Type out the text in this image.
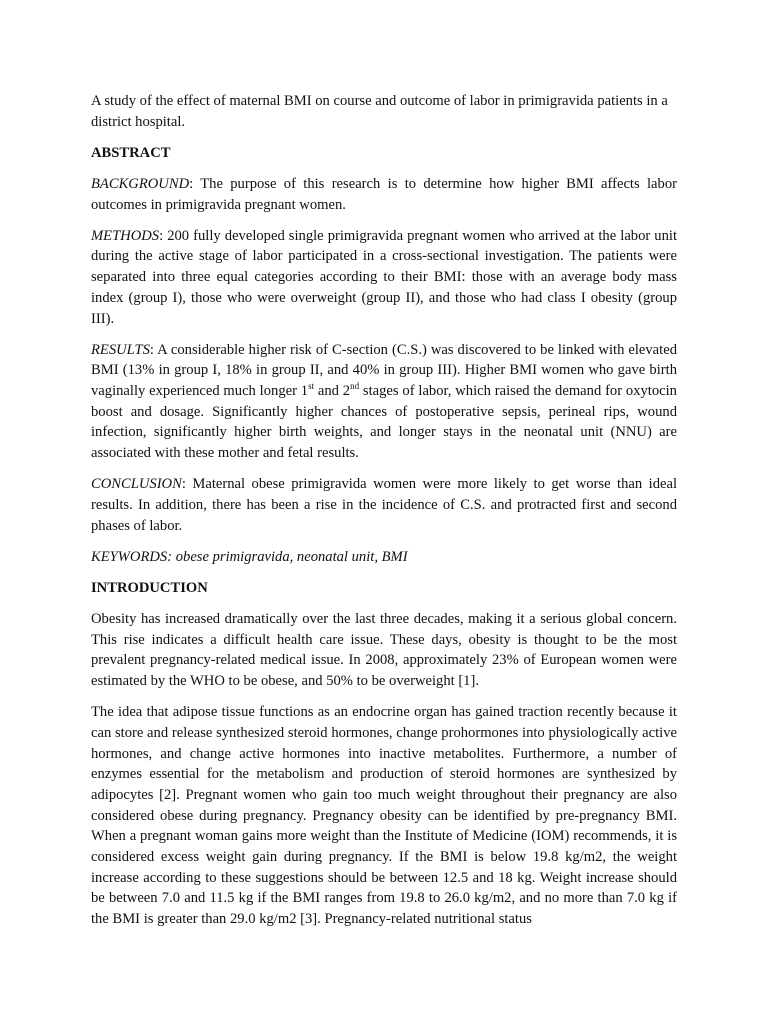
A study of the effect of maternal BMI on course and outcome of labor in primigravida patients in a district hospital.

ABSTRACT

BACKGROUND: The purpose of this research is to determine how higher BMI affects labor outcomes in primigravida pregnant women.

METHODS: 200 fully developed single primigravida pregnant women who arrived at the labor unit during the active stage of labor participated in a cross-sectional investigation. The patients were separated into three equal categories according to their BMI: those with an average body mass index (group I), those who were overweight (group II), and those who had class I obesity (group III).

RESULTS: A considerable higher risk of C-section (C.S.) was discovered to be linked with elevated BMI (13% in group I, 18% in group II, and 40% in group III). Higher BMI women who gave birth vaginally experienced much longer 1st and 2nd stages of labor, which raised the demand for oxytocin boost and dosage. Significantly higher chances of postoperative sepsis, perineal rips, wound infection, significantly higher birth weights, and longer stays in the neonatal unit (NNU) are associated with these mother and fetal results.

CONCLUSION: Maternal obese primigravida women were more likely to get worse than ideal results. In addition, there has been a rise in the incidence of C.S. and protracted first and second phases of labor.

KEYWORDS: obese primigravida, neonatal unit, BMI

INTRODUCTION

Obesity has increased dramatically over the last three decades, making it a serious global concern. This rise indicates a difficult health care issue. These days, obesity is thought to be the most prevalent pregnancy-related medical issue. In 2008, approximately 23% of European women were estimated by the WHO to be obese, and 50% to be overweight [1].

The idea that adipose tissue functions as an endocrine organ has gained traction recently because it can store and release synthesized steroid hormones, change prohormones into physiologically active hormones, and change active hormones into inactive metabolites. Furthermore, a number of enzymes essential for the metabolism and production of steroid hormones are synthesized by adipocytes [2]. Pregnant women who gain too much weight throughout their pregnancy are also considered obese during pregnancy. Pregnancy obesity can be identified by pre-pregnancy BMI. When a pregnant woman gains more weight than the Institute of Medicine (IOM) recommends, it is considered excess weight gain during pregnancy. If the BMI is below 19.8 kg/m2, the weight increase according to these suggestions should be between 12.5 and 18 kg. Weight increase should be between 7.0 and 11.5 kg if the BMI ranges from 19.8 to 26.0 kg/m2, and no more than 7.0 kg if the BMI is greater than 29.0 kg/m2 [3]. Pregnancy-related nutritional status
